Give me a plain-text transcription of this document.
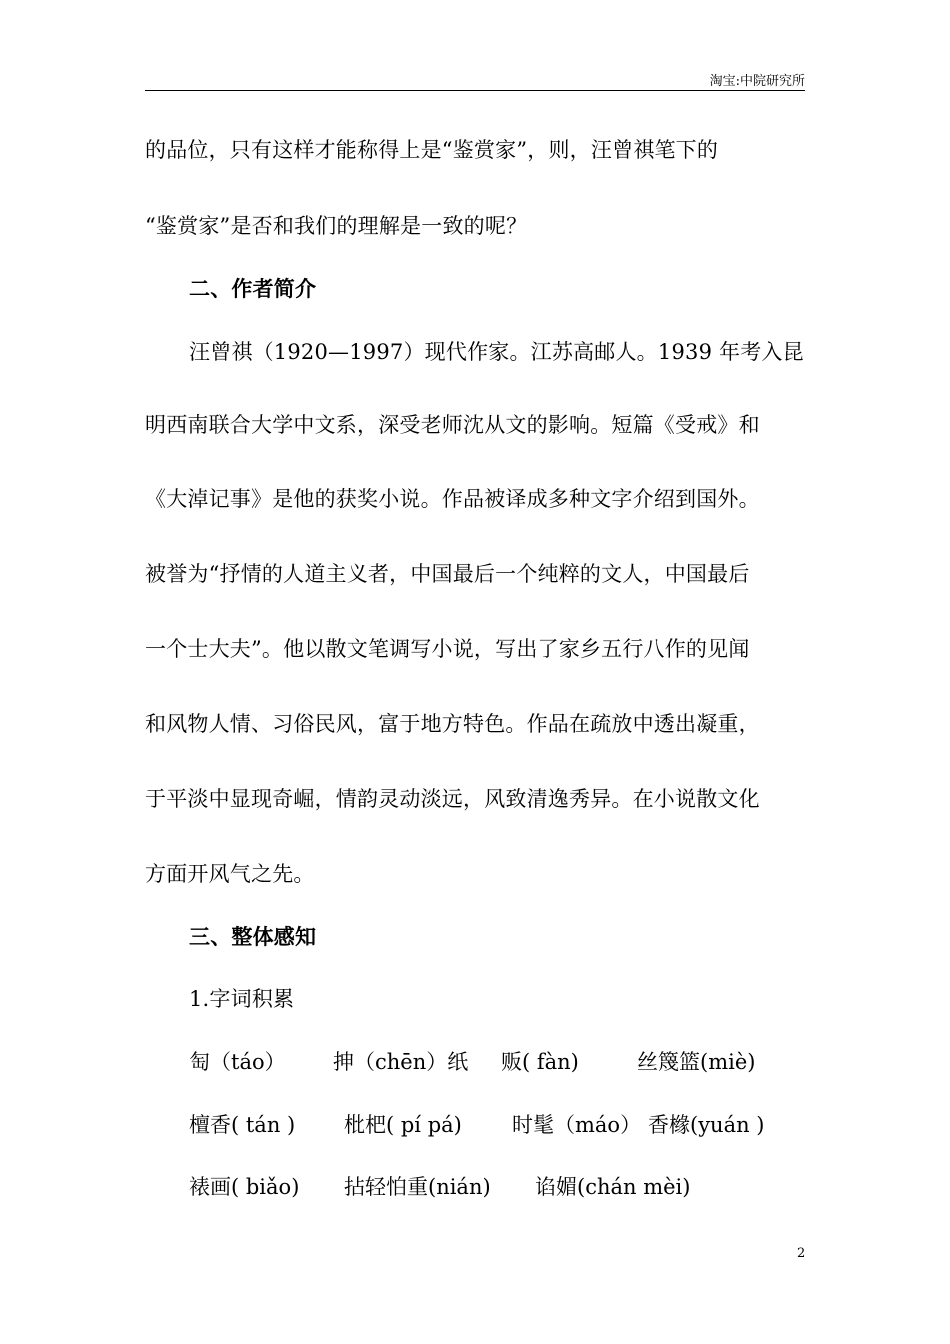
淘宝:中院研究所
的品位，只有这样才能称得上是“鉴赏家”，则，汪曾祺笔下的
“鉴赏家”是否和我们的理解是一致的呢？
二、作者简介
汪曾祺（1920—1997）现代作家。江苏高邮人。1939 年考入昆
明西南联合大学中文系，深受老师沈从文的影响。短篇《受戒》和
《大淖记事》是他的获奖小说。作品被译成多种文字介绍到国外。
被誉为“抒情的人道主义者，中国最后一个纯粹的文人，中国最后
一个士大夫”。他以散文笔调写小说，写出了家乡五行八作的见闻
和风物人情、习俗民风，富于地方特色。作品在疏放中透出凝重，
于平淡中显现奇崛，情韵灵动淡远，风致清逸秀异。在小说散文化
方面开风气之先。
三、整体感知
1.字词积累
匋（táo） 抻（chēn）纸 贩( fàn)	丝篾篮(miè)
檀香( tán ) 枇杷( pí pá) 时髦（máo） 香橼(yuán )
裱画( biǎo) 拈轻怕重(nián) 谄媚(chán mèi)
2
